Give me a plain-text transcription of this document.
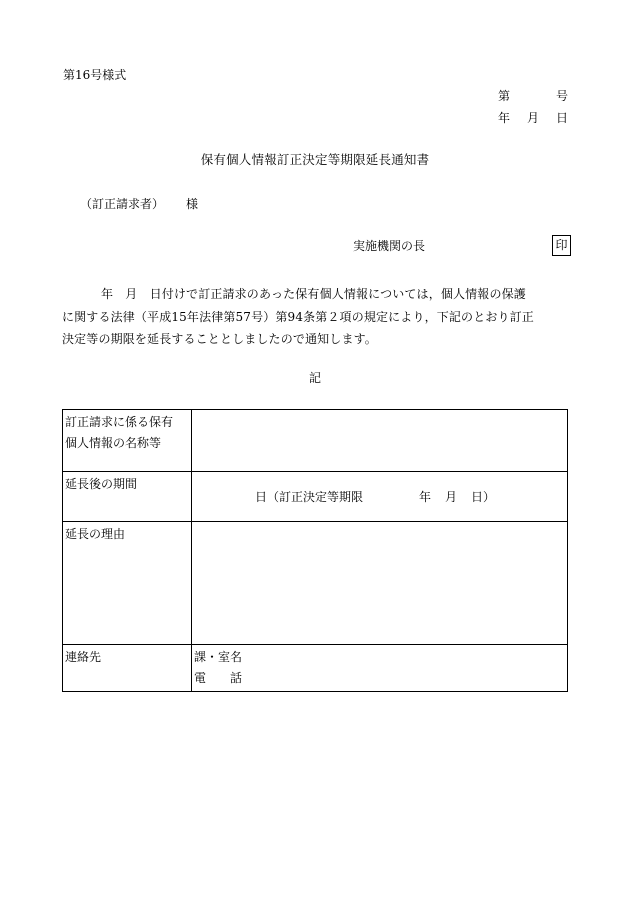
第16号様式
第	号
年 月 日
保有個人情報訂正決定等期限延長通知書
（訂正請求者） 様
実施機関の長	印

年　月　日付けで訂正請求のあった保有個人情報については，個人情報の保護

に関する法律（平成15年法律第57号）第94条第２項の規定により，下記のとおり訂正

決定等の期限を延長することとしましたので通知します。

記
訂正請求に係る保有
個人情報の名称等	

延長後の期間	日（訂正決定等期限 年 月 日）

延長の理由	
連絡先	課・室名
電　　話
